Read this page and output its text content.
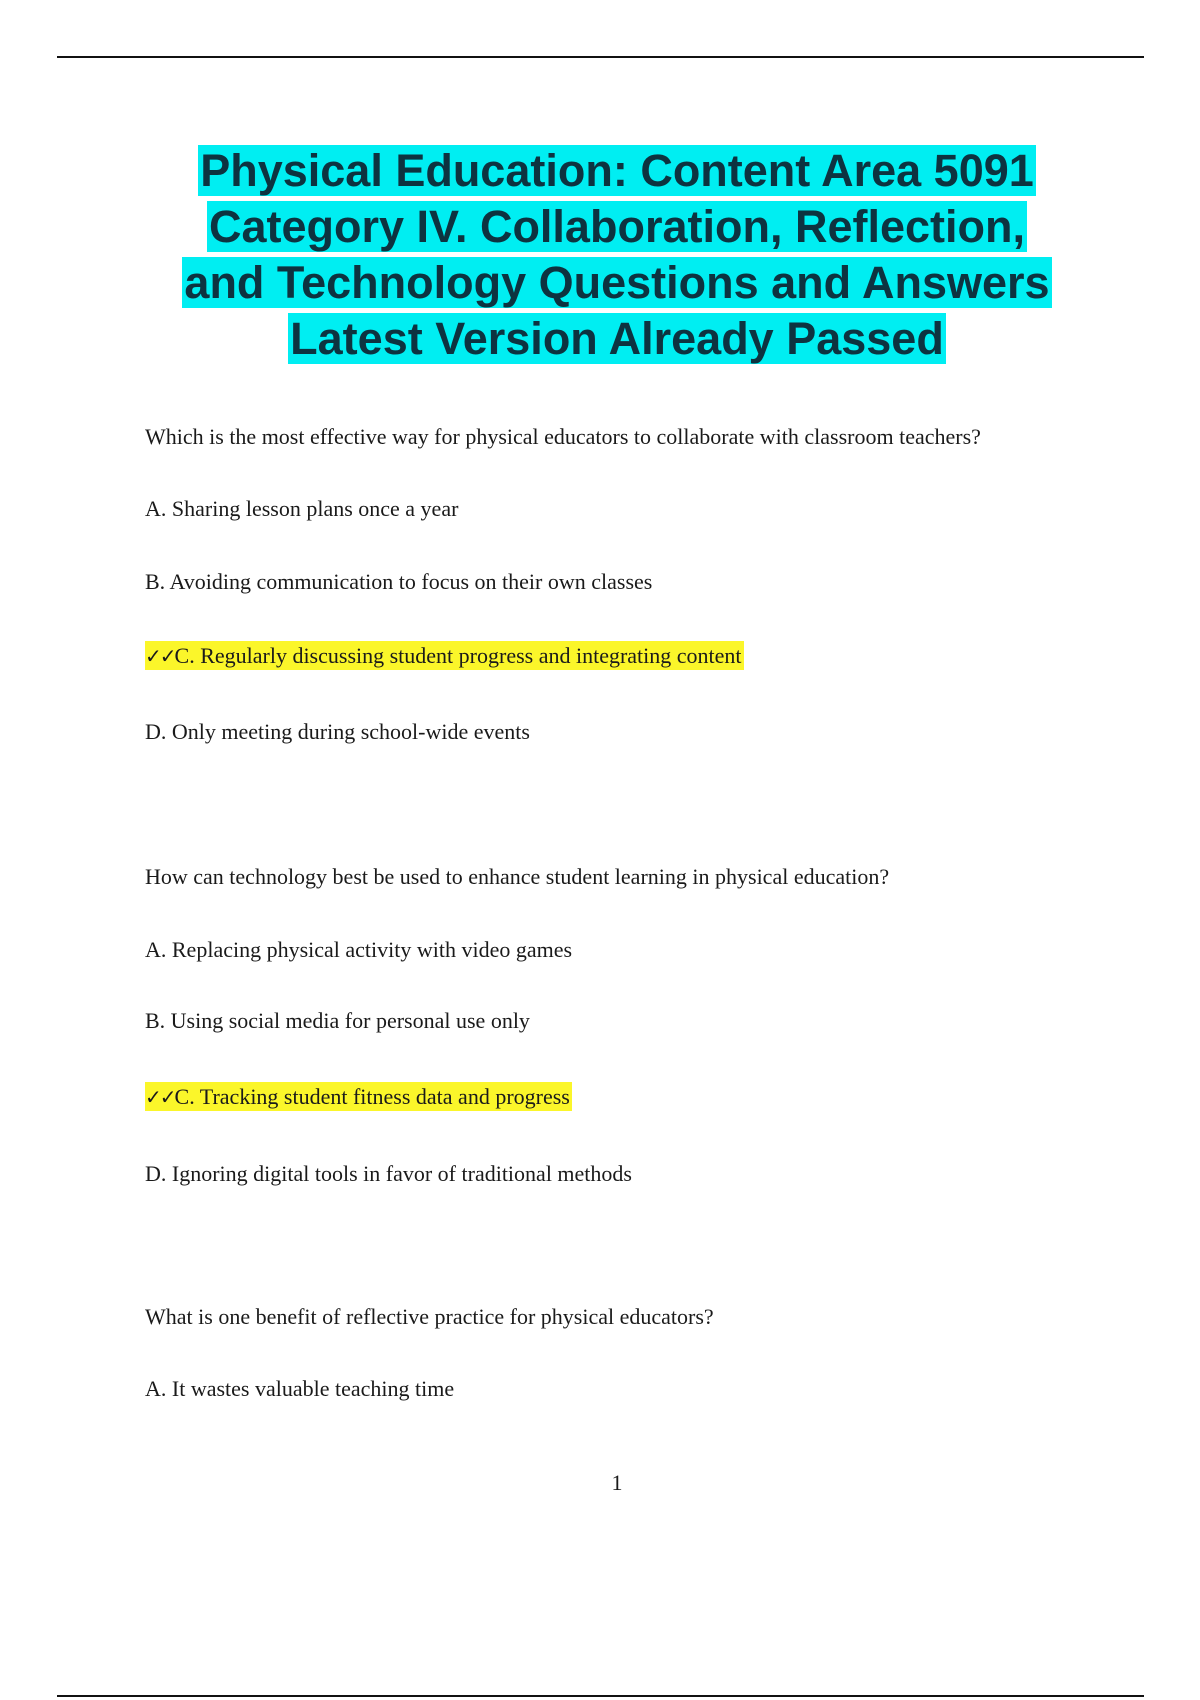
Physical Education: Content Area 5091
Category IV. Collaboration, Reflection,
and Technology Questions and Answers
Latest Version Already Passed
Which is the most effective way for physical educators to collaborate with classroom teachers?
A. Sharing lesson plans once a year
B. Avoiding communication to focus on their own classes
✓✓C. Regularly discussing student progress and integrating content
D. Only meeting during school-wide events
How can technology best be used to enhance student learning in physical education?
A. Replacing physical activity with video games
B. Using social media for personal use only
✓✓C. Tracking student fitness data and progress
D. Ignoring digital tools in favor of traditional methods
What is one benefit of reflective practice for physical educators?
A. It wastes valuable teaching time
1
